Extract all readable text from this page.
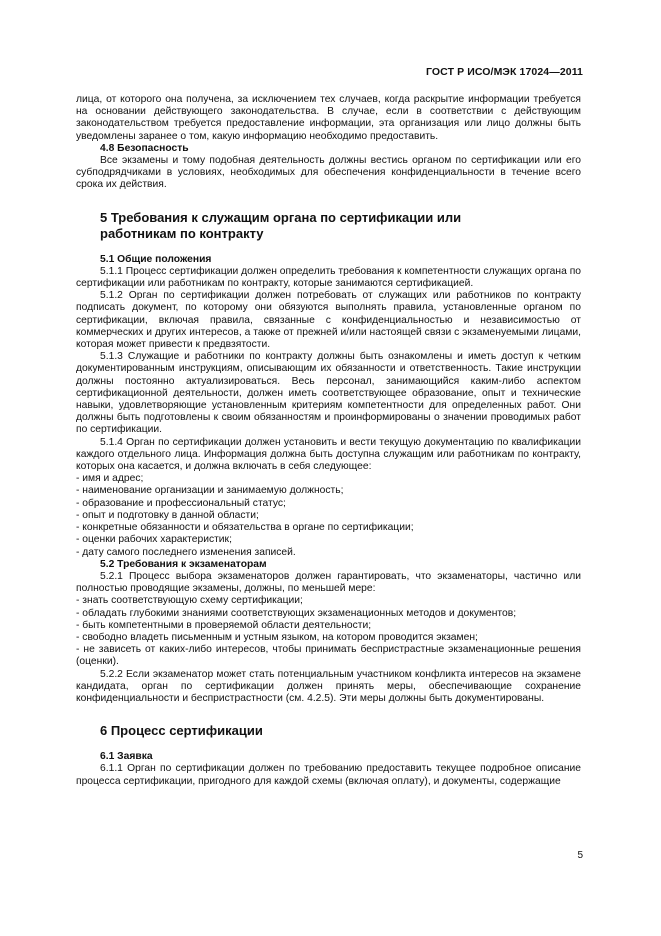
ГОСТ Р ИСО/МЭК 17024—2011

лица, от которого она получена, за исключением тех случаев, когда раскрытие информации требуется на основании действующего законодательства. В случае, если в соответствии с действующим законодательством требуется предоставление информации, эта организация или лицо должны быть уведомлены заранее о том, какую информацию необходимо предоставить.

4.8 Безопасность

Все экзамены и тому подобная деятельность должны вестись органом по сертификации или его субподрядчиками в условиях, необходимых для обеспечения конфиденциальности в течение всего срока их действия.

5 Требования к служащим органа по сертификации или работникам по контракту

5.1 Общие положения

5.1.1 Процесс сертификации должен определить требования к компетентности служащих органа по сертификации или работникам по контракту, которые занимаются сертификацией.

5.1.2 Орган по сертификации должен потребовать от служащих или работников по контракту подписать документ, по которому они обязуются выполнять правила, установленные органом по сертификации, включая правила, связанные с конфиденциальностью и независимостью от коммерческих и других интересов, а также от прежней и/или настоящей связи с экзаменуемыми лицами, которая может привести к предвзятости.

5.1.3 Служащие и работники по контракту должны быть ознакомлены и иметь доступ к четким документированным инструкциям, описывающим их обязанности и ответственность. Такие инструкции должны постоянно актуализироваться. Весь персонал, занимающийся каким-либо аспектом сертификационной деятельности, должен иметь соответствующее образование, опыт и технические навыки, удовлетворяющие установленным критериям компетентности для определенных работ. Они должны быть подготовлены к своим обязанностям и проинформированы о значении проводимых работ по сертификации.

5.1.4 Орган по сертификации должен установить и вести текущую документацию по квалификации каждого отдельного лица. Информация должна быть доступна служащим или работникам по контракту, которых она касается, и должна включать в себя следующее:

- имя и адрес;

- наименование организации и занимаемую должность;

- образование и профессиональный статус;

- опыт и подготовку в данной области;

- конкретные обязанности и обязательства в органе по сертификации;

- оценки рабочих характеристик;

- дату самого последнего изменения записей.

5.2 Требования к экзаменаторам

5.2.1 Процесс выбора экзаменаторов должен гарантировать, что экзаменаторы, частично или полностью проводящие экзамены, должны, по меньшей мере:

- знать соответствующую схему сертификации;

- обладать глубокими знаниями соответствующих экзаменационных методов и документов;

- быть компетентными в проверяемой области деятельности;

- свободно владеть письменным и устным языком, на котором проводится экзамен;

- не зависеть от каких-либо интересов, чтобы принимать беспристрастные экзаменационные решения (оценки).

5.2.2 Если экзаменатор может стать потенциальным участником конфликта интересов на экзамене кандидата, орган по сертификации должен принять меры, обеспечивающие сохранение конфиденциальности и беспристрастности (см. 4.2.5). Эти меры должны быть документированы.

6 Процесс сертификации

6.1 Заявка

6.1.1 Орган по сертификации должен по требованию предоставить текущее подробное описание процесса сертификации, пригодного для каждой схемы (включая оплату), и документы, содержащие

5
